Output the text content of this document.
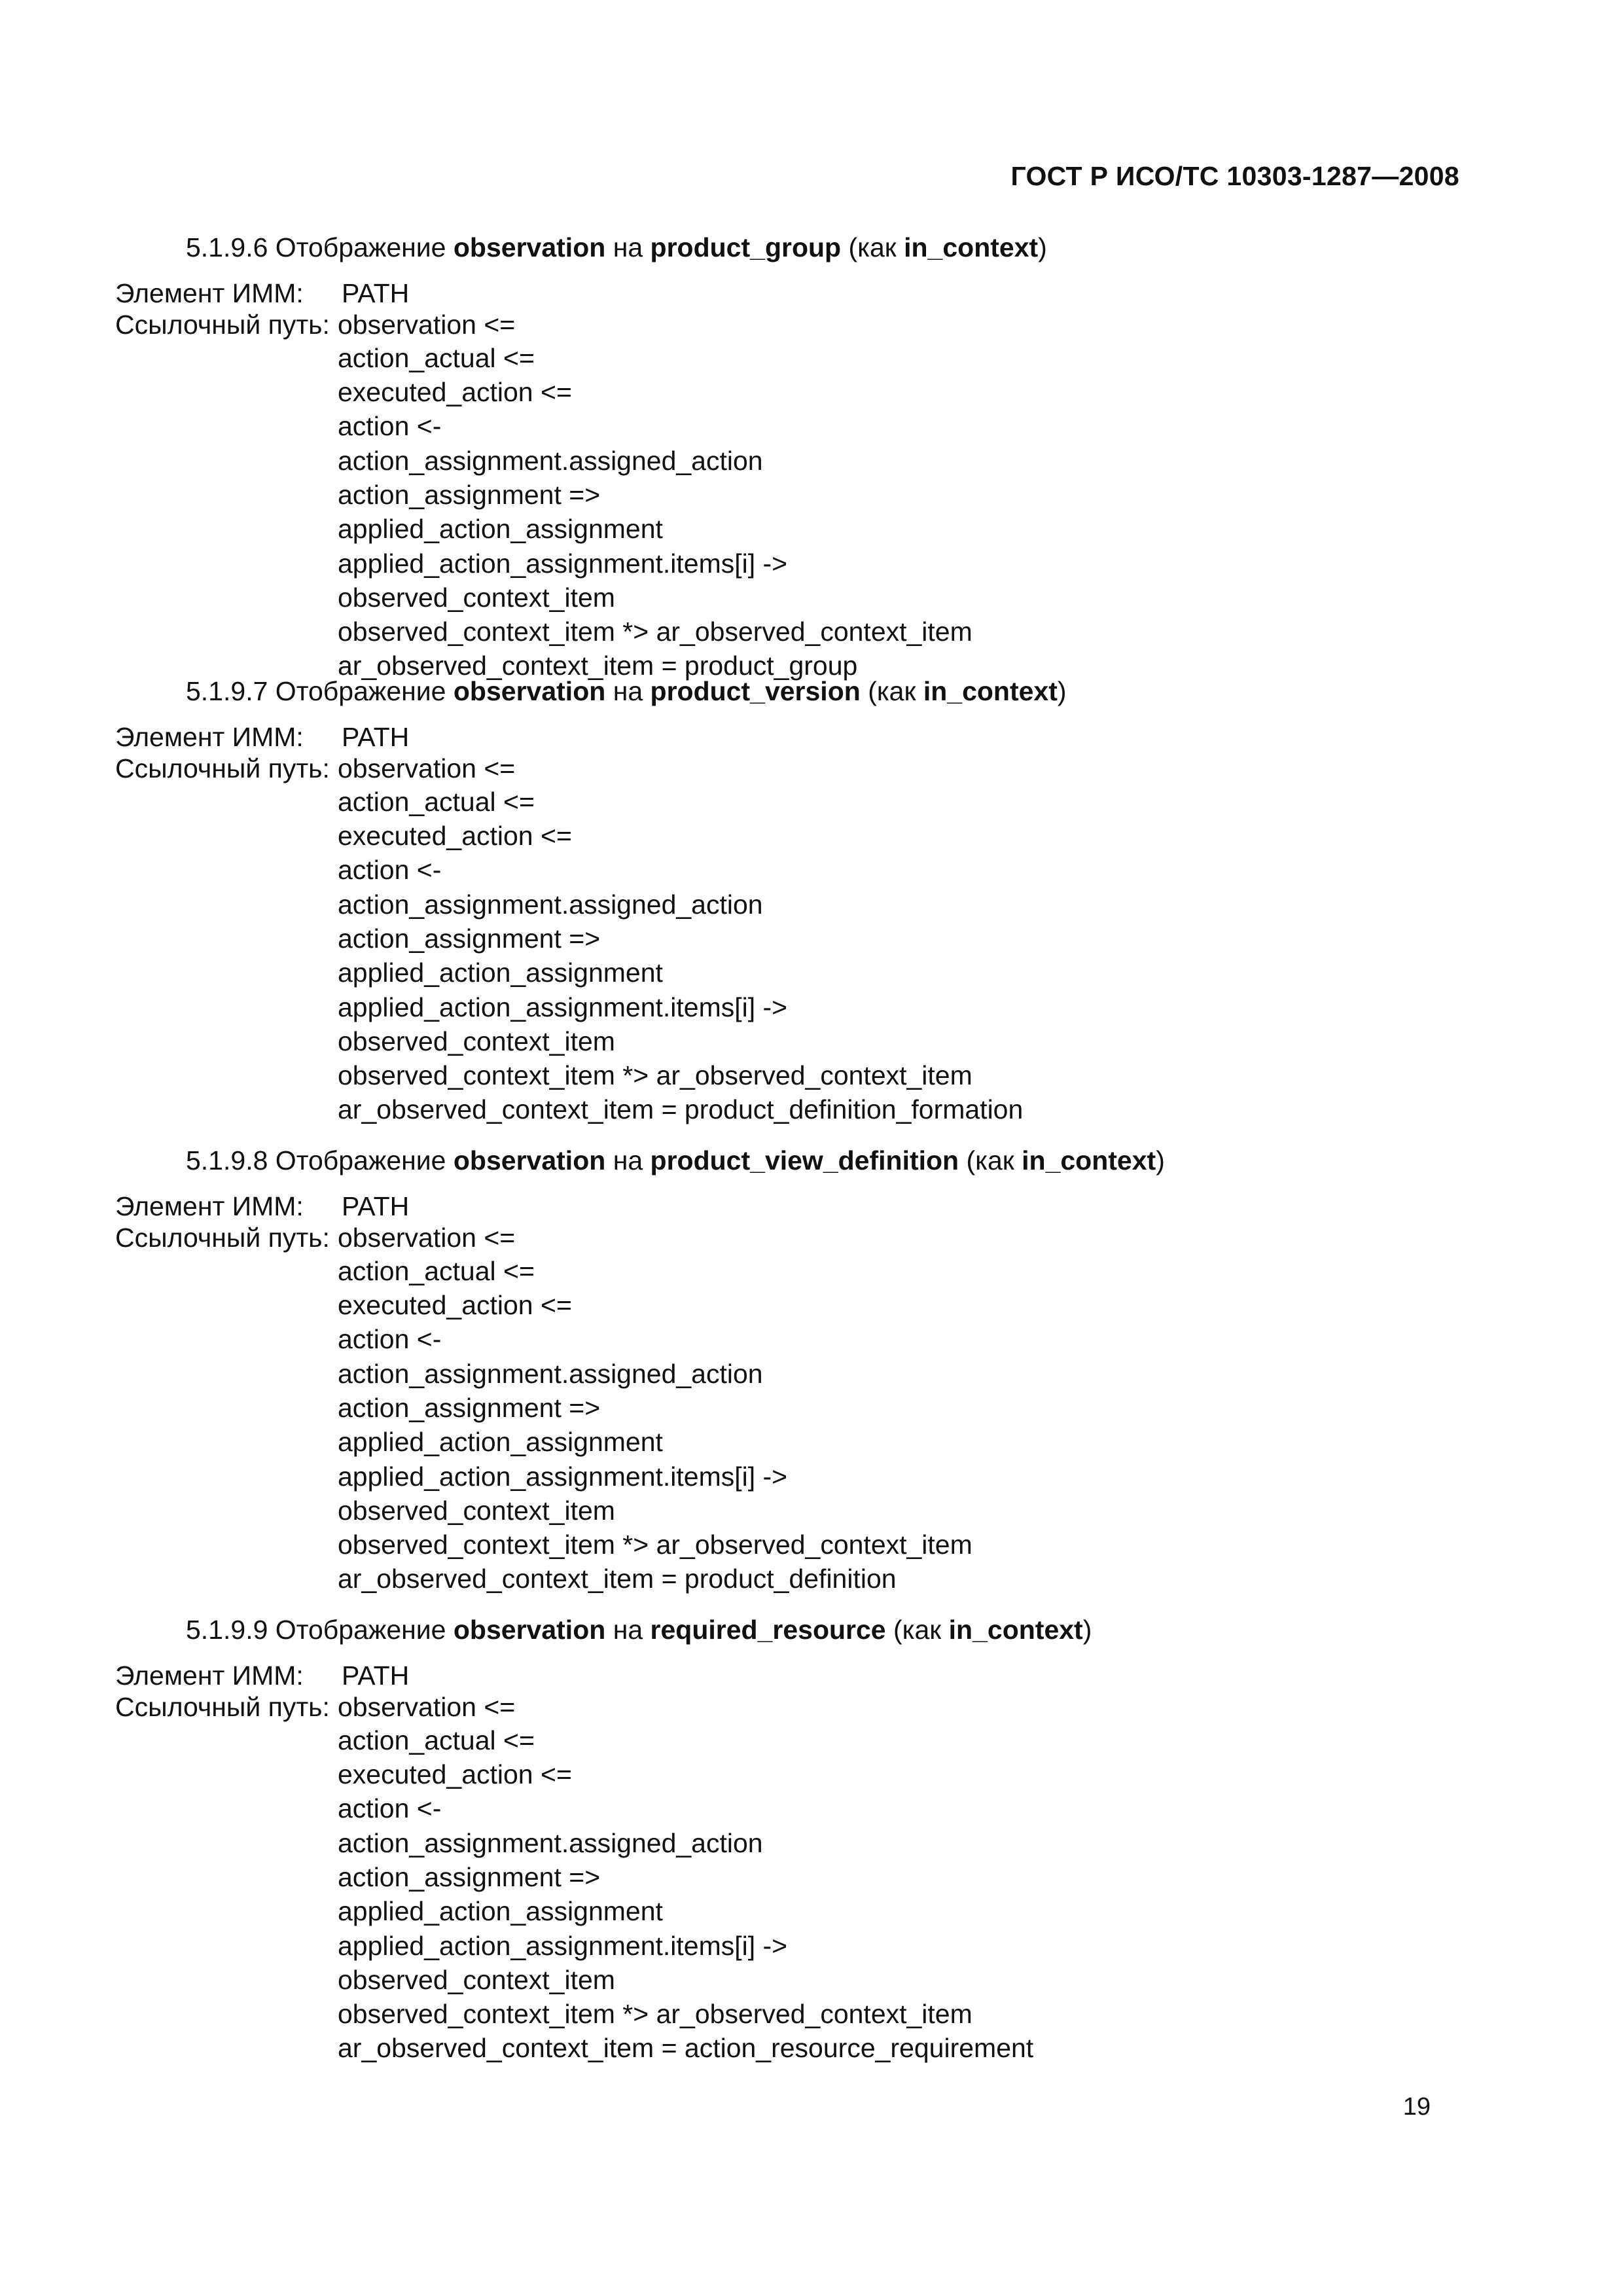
ГОСТ Р ИСО/ТС 10303-1287—2008
5.1.9.6 Отображение observation на product_group (как in_context)
Элемент ИММ:	PATH
Ссылочный путь: observation <=
action_actual <=
executed_action <=
action <-
action_assignment.assigned_action
action_assignment =>
applied_action_assignment
applied_action_assignment.items[i] ->
observed_context_item
observed_context_item *> ar_observed_context_item
ar_observed_context_item = product_group
5.1.9.7 Отображение observation на product_version (как in_context)
Элемент ИММ:	PATH
Ссылочный путь: observation <=
action_actual <=
executed_action <=
action <-
action_assignment.assigned_action
action_assignment =>
applied_action_assignment
applied_action_assignment.items[i] ->
observed_context_item
observed_context_item *> ar_observed_context_item
ar_observed_context_item = product_definition_formation
5.1.9.8 Отображение observation на product_view_definition (как in_context)
Элемент ИММ:	PATH
Ссылочный путь: observation <=
action_actual <=
executed_action <=
action <-
action_assignment.assigned_action
action_assignment =>
applied_action_assignment
applied_action_assignment.items[i] ->
observed_context_item
observed_context_item *> ar_observed_context_item
ar_observed_context_item = product_definition
5.1.9.9 Отображение observation на required_resource (как in_context)
Элемент ИММ:	PATH
Ссылочный путь: observation <=
action_actual <=
executed_action <=
action <-
action_assignment.assigned_action
action_assignment =>
applied_action_assignment
applied_action_assignment.items[i] ->
observed_context_item
observed_context_item *> ar_observed_context_item
ar_observed_context_item = action_resource_requirement
19
